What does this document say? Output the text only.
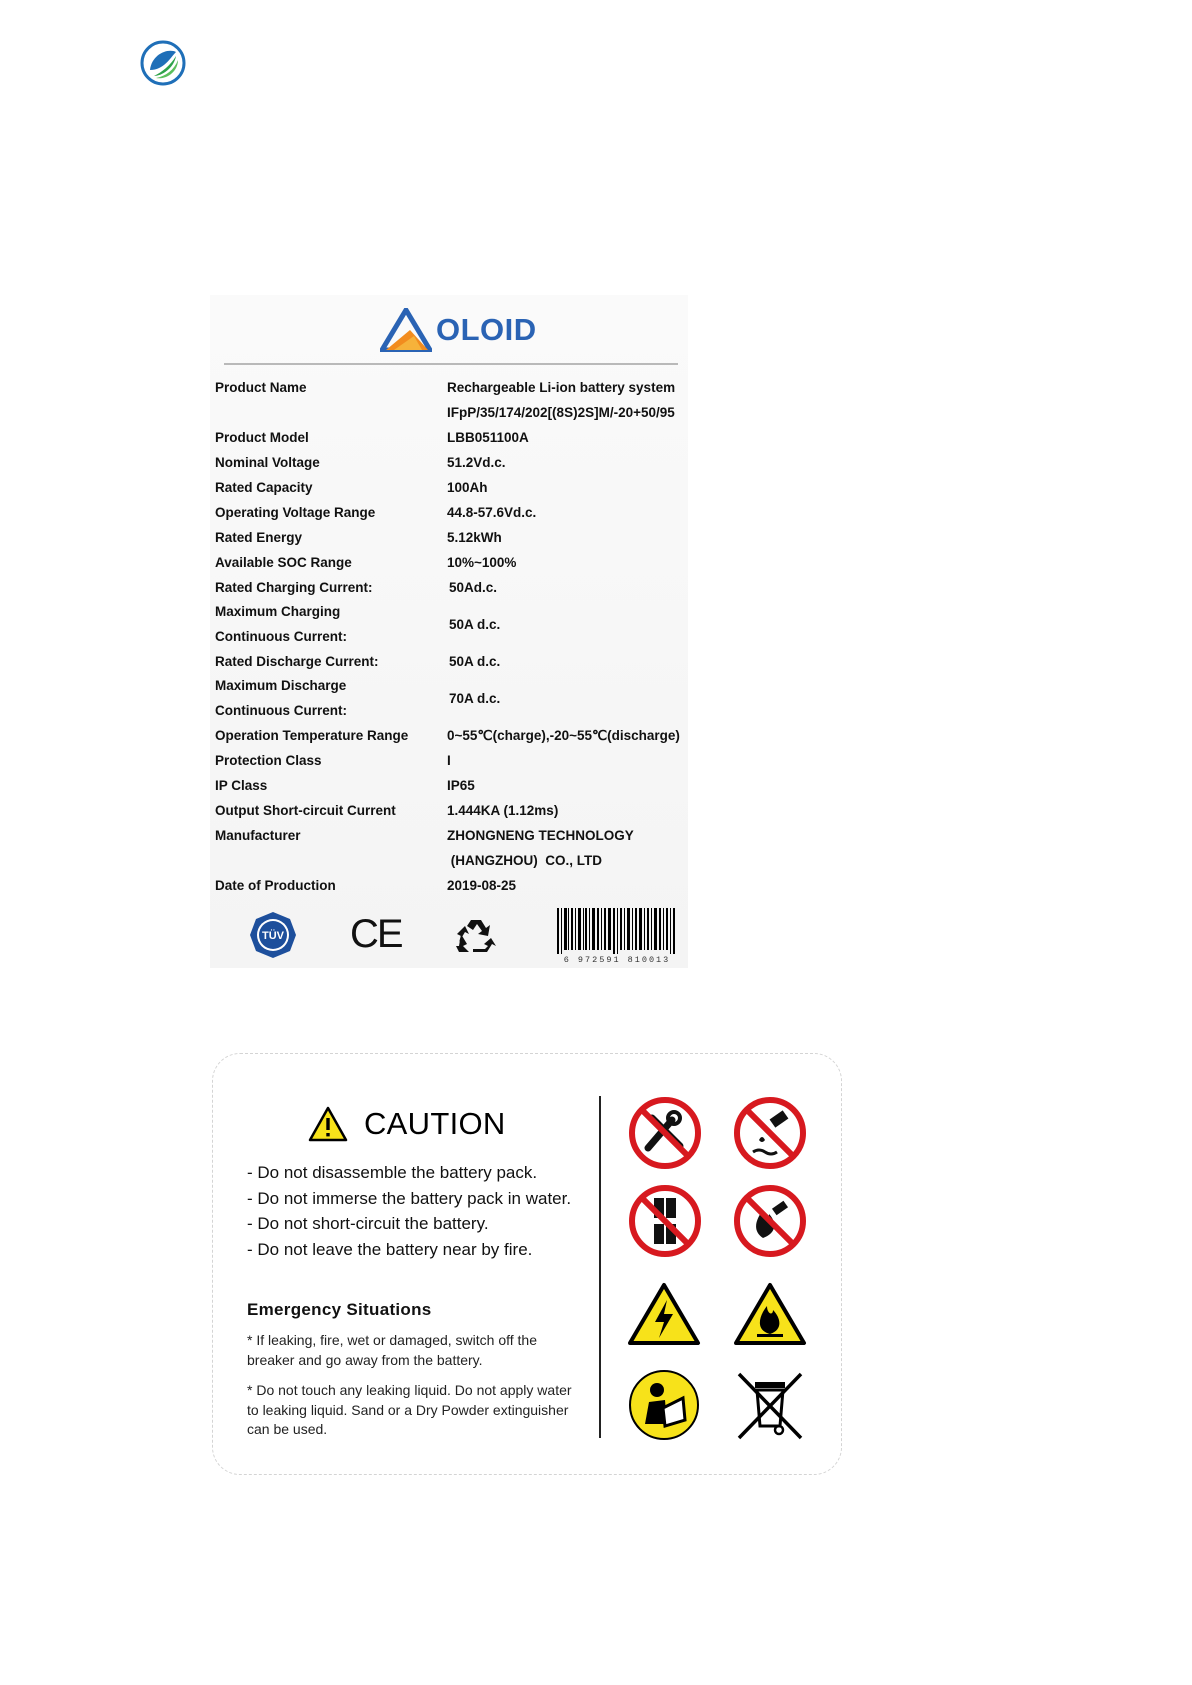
OLOID
Product Name	Rechargeable Li-ion battery system
	IFpP/35/174/202[(8S)2S]M/-20+50/95
Product Model	LBB051100A
Nominal Voltage	51.2Vd.c.
Rated Capacity	100Ah
Operating Voltage Range	44.8-57.6Vd.c.
Rated Energy	5.12kWh
Available SOC Range	10%~100%
Rated Charging Current:	50Ad.c.

Maximum Charging
Continuous Current:	50A d.c.
Rated Discharge Current:	50A d.c.

Maximum Discharge
Continuous Current:	70A d.c.
Operation Temperature Range	0~55℃(charge),-20~55℃(discharge)
Protection Class	I
IP Class	IP65
Output Short-circuit Current	1.444KA (1.12ms)
Manufacturer	ZHONGNENG TECHNOLOGY
	(HANGZHOU)  CO., LTD
Date of Production	2019-08-25
TÜV CE
6 972591 810013
CAUTION
- Do not disassemble the battery pack.
- Do not immerse the battery pack in water.
- Do not short-circuit the battery.
- Do not leave the battery near by fire.
Emergency Situations

* If leaking, fire, wet or damaged, switch off the breaker and go away from the battery.

* Do not touch any leaking liquid. Do not apply water to leaking liquid. Sand or a Dry Powder extinguisher can be used.
